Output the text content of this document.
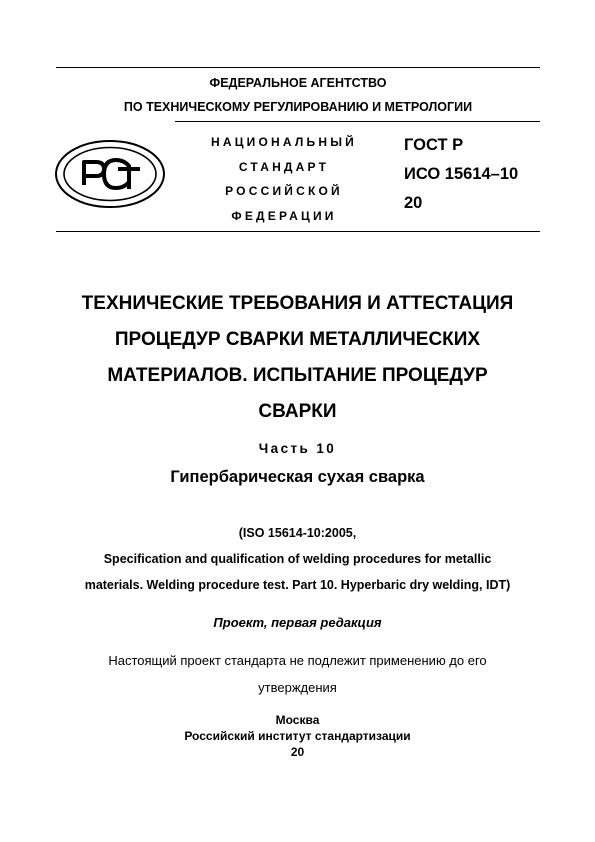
ФЕДЕРАЛЬНОЕ АГЕНТСТВО
ПО ТЕХНИЧЕСКОМУ РЕГУЛИРОВАНИЮ И МЕТРОЛОГИИ
НАЦИОНАЛЬНЫЙ
СТАНДАРТ
РОССИЙСКОЙ
ФЕДЕРАЦИИ
ГОСТ Р
ИСО 15614–10
20
ТЕХНИЧЕСКИЕ ТРЕБОВАНИЯ И АТТЕСТАЦИЯ
ПРОЦЕДУР СВАРКИ МЕТАЛЛИЧЕСКИХ
МАТЕРИАЛОВ. ИСПЫТАНИЕ ПРОЦЕДУР
СВАРКИ
Часть 10
Гипербарическая сухая сварка
(ISO 15614-10:2005,
Specification and qualification of welding procedures for metallic
materials. Welding procedure test. Part 10. Hyperbaric dry welding, IDT)
Проект, первая редакция
Настоящий проект стандарта не подлежит применению до его
утверждения
Москва
Российский институт стандартизации
20
